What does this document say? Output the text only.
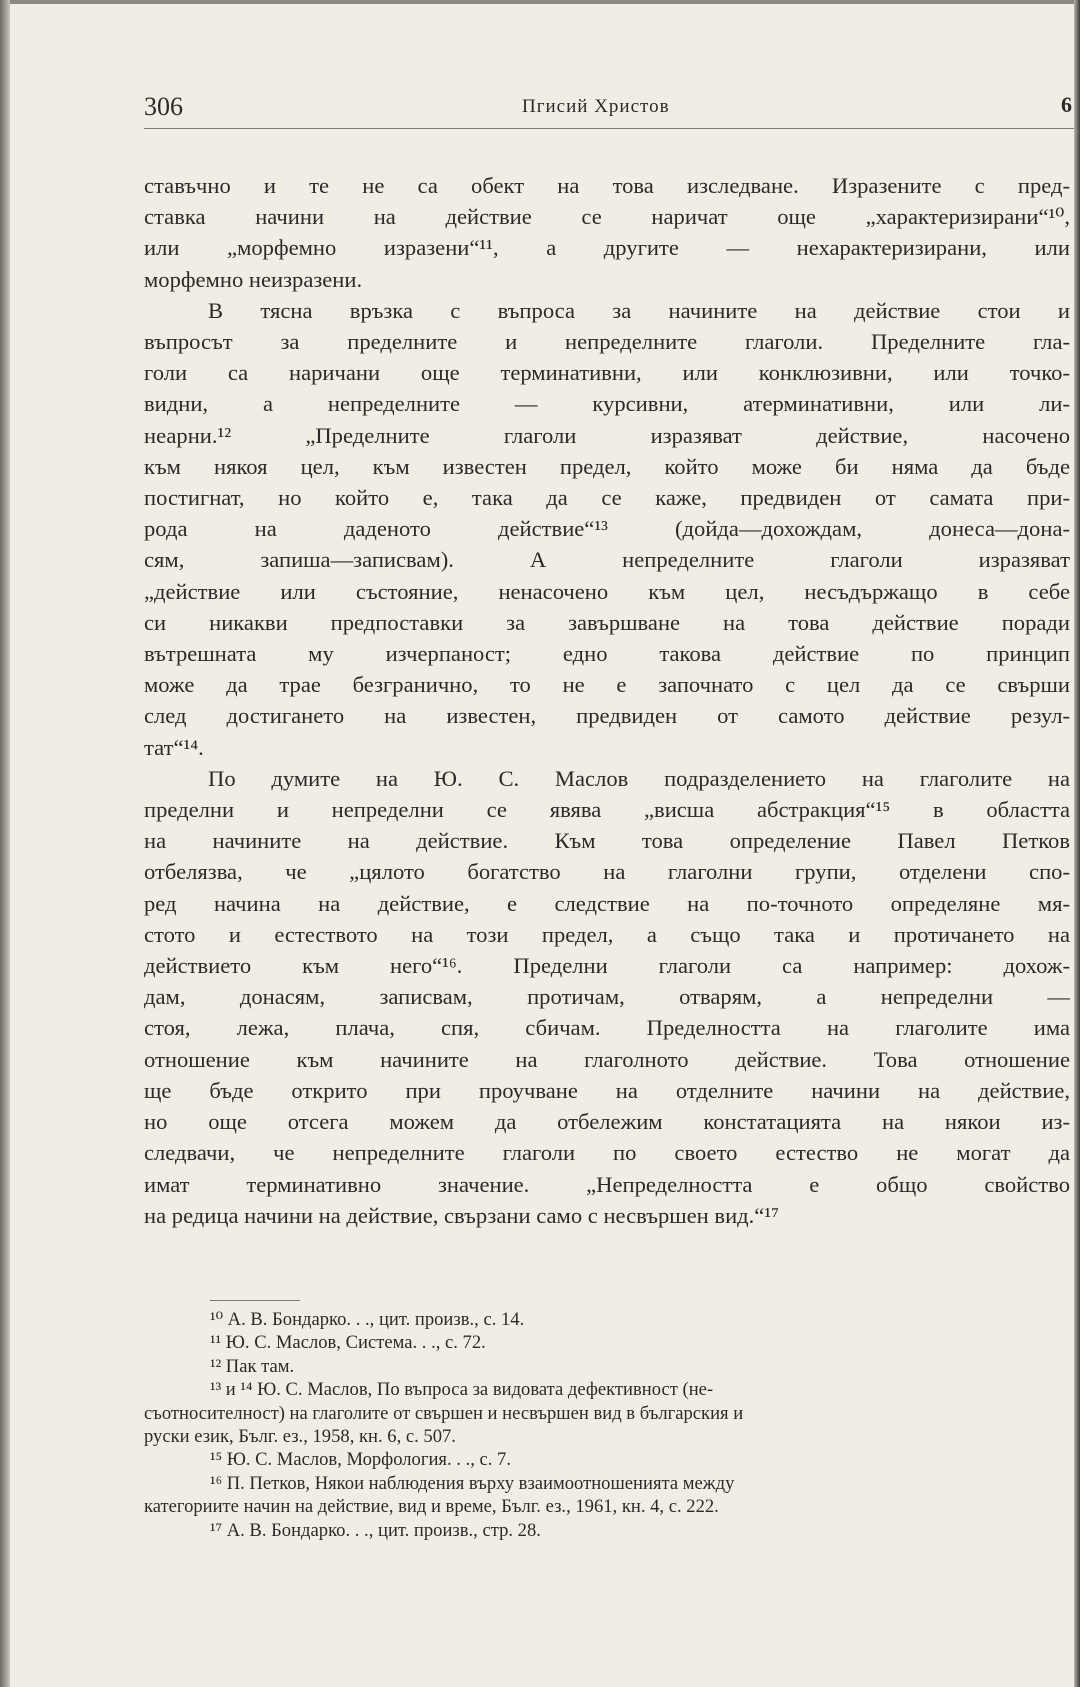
306	Пгисий Христов	6

ставъчно и те не са обект на това изследване. Изразените с пред-
ставка начини на действие се наричат още „характеризирани“¹⁰,
или „морфемно изразени“¹¹, а другите — нехарактеризирани, или
морфемно неизразени.

В тясна връзка с въпроса за начините на действие стои и
въпросът за пределните и непределните глаголи. Пределните гла-
голи са наричани още терминативни, или конклюзивни, или точко-
видни, а непределните — курсивни, атерминативни, или ли-
неарни.¹² „Пределните глаголи изразяват действие, насочено
към някоя цел, към известен предел, който може би няма да бъде
постигнат, но който е, така да се каже, предвиден от самата при-
рода на даденото действие“¹³ (дойда—дохождам, донеса—дона-
сям, запиша—записвам). А непределните глаголи изразяват
„действие или състояние, ненасочено към цел, несъдържащо в себе
си никакви предпоставки за завършване на това действие поради
вътрешната му изчерпаност; едно такова действие по принцип
може да трае безгранично, то не е започнато с цел да се свърши
след достигането на известен, предвиден от самото действие резул-
тат“¹⁴.

По думите на Ю. С. Маслов подразделението на глаголите на
пределни и непределни се явява „висша абстракция“¹⁵ в областта
на начините на действие. Към това определение Павел Петков
отбелязва, че „цялото богатство на глаголни групи, отделени спо-
ред начина на действие, е следствие на по-точното определяне мя-
стото и естеството на този предел, а също така и протичането на
действието към него“¹⁶. Пределни глаголи са например: дохож-
дам, донасям, записвам, протичам, отварям, а непределни —
стоя, лежа, плача, спя, сбичам. Пределността на глаголите има
отношение към начините на глаголното действие. Това отношение
ще бъде открито при проучване на отделните начини на действие,
но още отсега можем да отбележим констатацията на някои из-
следвачи, че непределните глаголи по своето естество не могат да
имат терминативно значение. „Непределността е общо свойство
на редица начини на действие, свързани само с несвършен вид.“¹⁷

¹⁰ А. В. Бондарко. . ., цит. произв., с. 14.
¹¹ Ю. С. Маслов, Система. . ., с. 72.
¹² Пак там.
¹³ и ¹⁴ Ю. С. Маслов, По въпроса за видовата дефективност (не-
съотносителност) на глаголите от свършен и несвършен вид в българския и
руски език, Бълг. ез., 1958, кн. 6, с. 507.
¹⁵ Ю. С. Маслов, Морфология. . ., с. 7.
¹⁶ П. Петков, Някои наблюдения върху взаимоотношенията между
категориите начин на действие, вид и време, Бълг. ез., 1961, кн. 4, с. 222.
¹⁷ А. В. Бондарко. . ., цит. произв., стр. 28.
